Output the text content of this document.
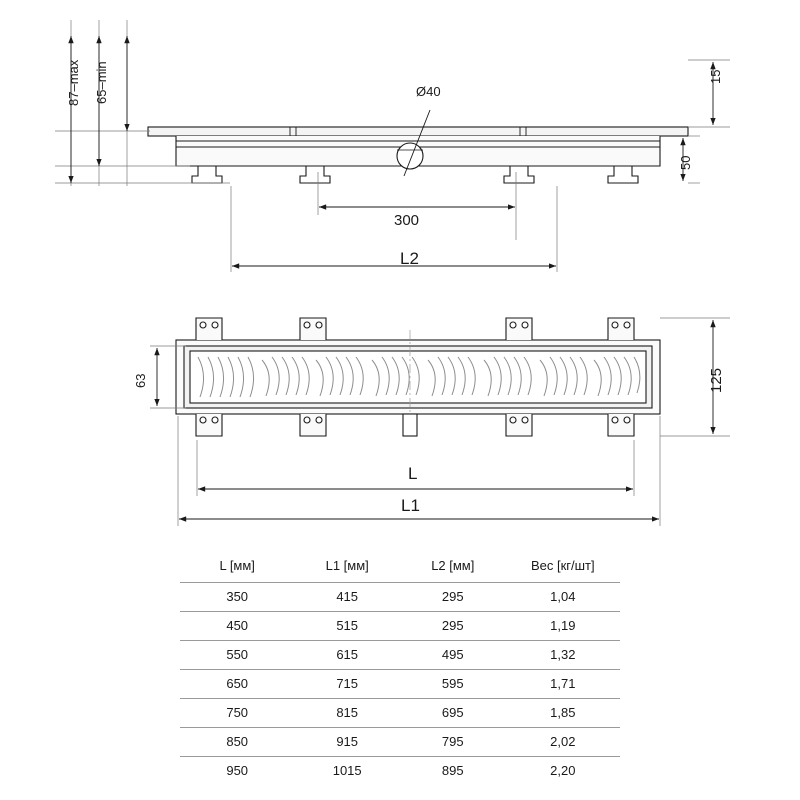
87–max 65–min	Ø40
15
50
300
L2
63	125
L
L1
L [мм]	L1 [мм]	L2 [мм]	Вес [кг/шт]
350	415	295	1,04
450	515	295	1,19
550	615	495	1,32
650	715	595	1,71
750	815	695	1,85
850	915	795	2,02
950	1015	895	2,20
